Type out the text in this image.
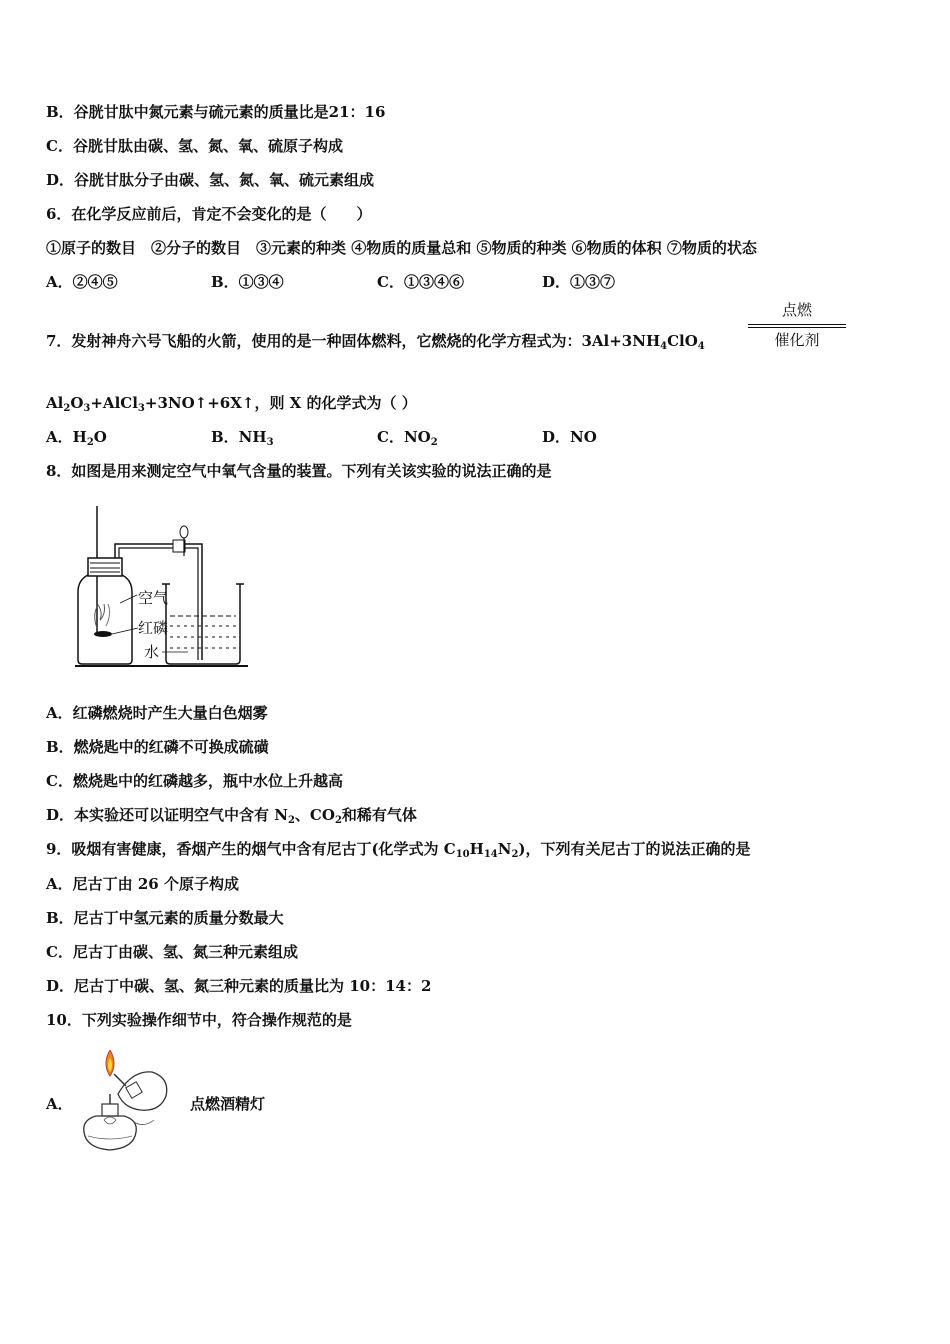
B．谷胱甘肽中氮元素与硫元素的质量比是21：16
C．谷胱甘肽由碳、氢、氮、氧、硫原子构成
D．谷胱甘肽分子由碳、氢、氮、氧、硫元素组成
6．在化学反应前后，肯定不会变化的是（　　）
①原子的数目　②分子的数目　③元素的种类 ④物质的质量总和 ⑤物质的种类 ⑥物质的体积 ⑦物质的状态
A．②④⑤	B．①③④	C．①③④⑥	D．①③⑦
7．发射神舟六号飞船的火箭，使用的是一种固体燃料，它燃烧的化学方程式为：$3Al+3NH_4ClO_4$
点燃
催化剂
$Al_2O_3+AlCl_3+3NO↑+6X↑$，则 X 的化学式为（ ）
A．$H_2O$	B．$NH_3$	C．$NO_2$	D．NO
8．如图是用来测定空气中氧气含量的装置。下列有关该实验的说法正确的是
空气
红磷
水
A．红磷燃烧时产生大量白色烟雾
B．燃烧匙中的红磷不可换成硫磺
C．燃烧匙中的红磷越多，瓶中水位上升越高
D．本实验还可以证明空气中含有 $N_2$、$CO_2$和稀有气体
9．吸烟有害健康，香烟产生的烟气中含有尼古丁(化学式为 $C_{10}H_{14}N_2$)，下列有关尼古丁的说法正确的是
A．尼古丁由 26 个原子构成
B．尼古丁中氢元素的质量分数最大
C．尼古丁由碳、氢、氮三种元素组成
D．尼古丁中碳、氢、氮三种元素的质量比为 10：14：2
10．下列实验操作细节中，符合操作规范的是
A．	点燃酒精灯
